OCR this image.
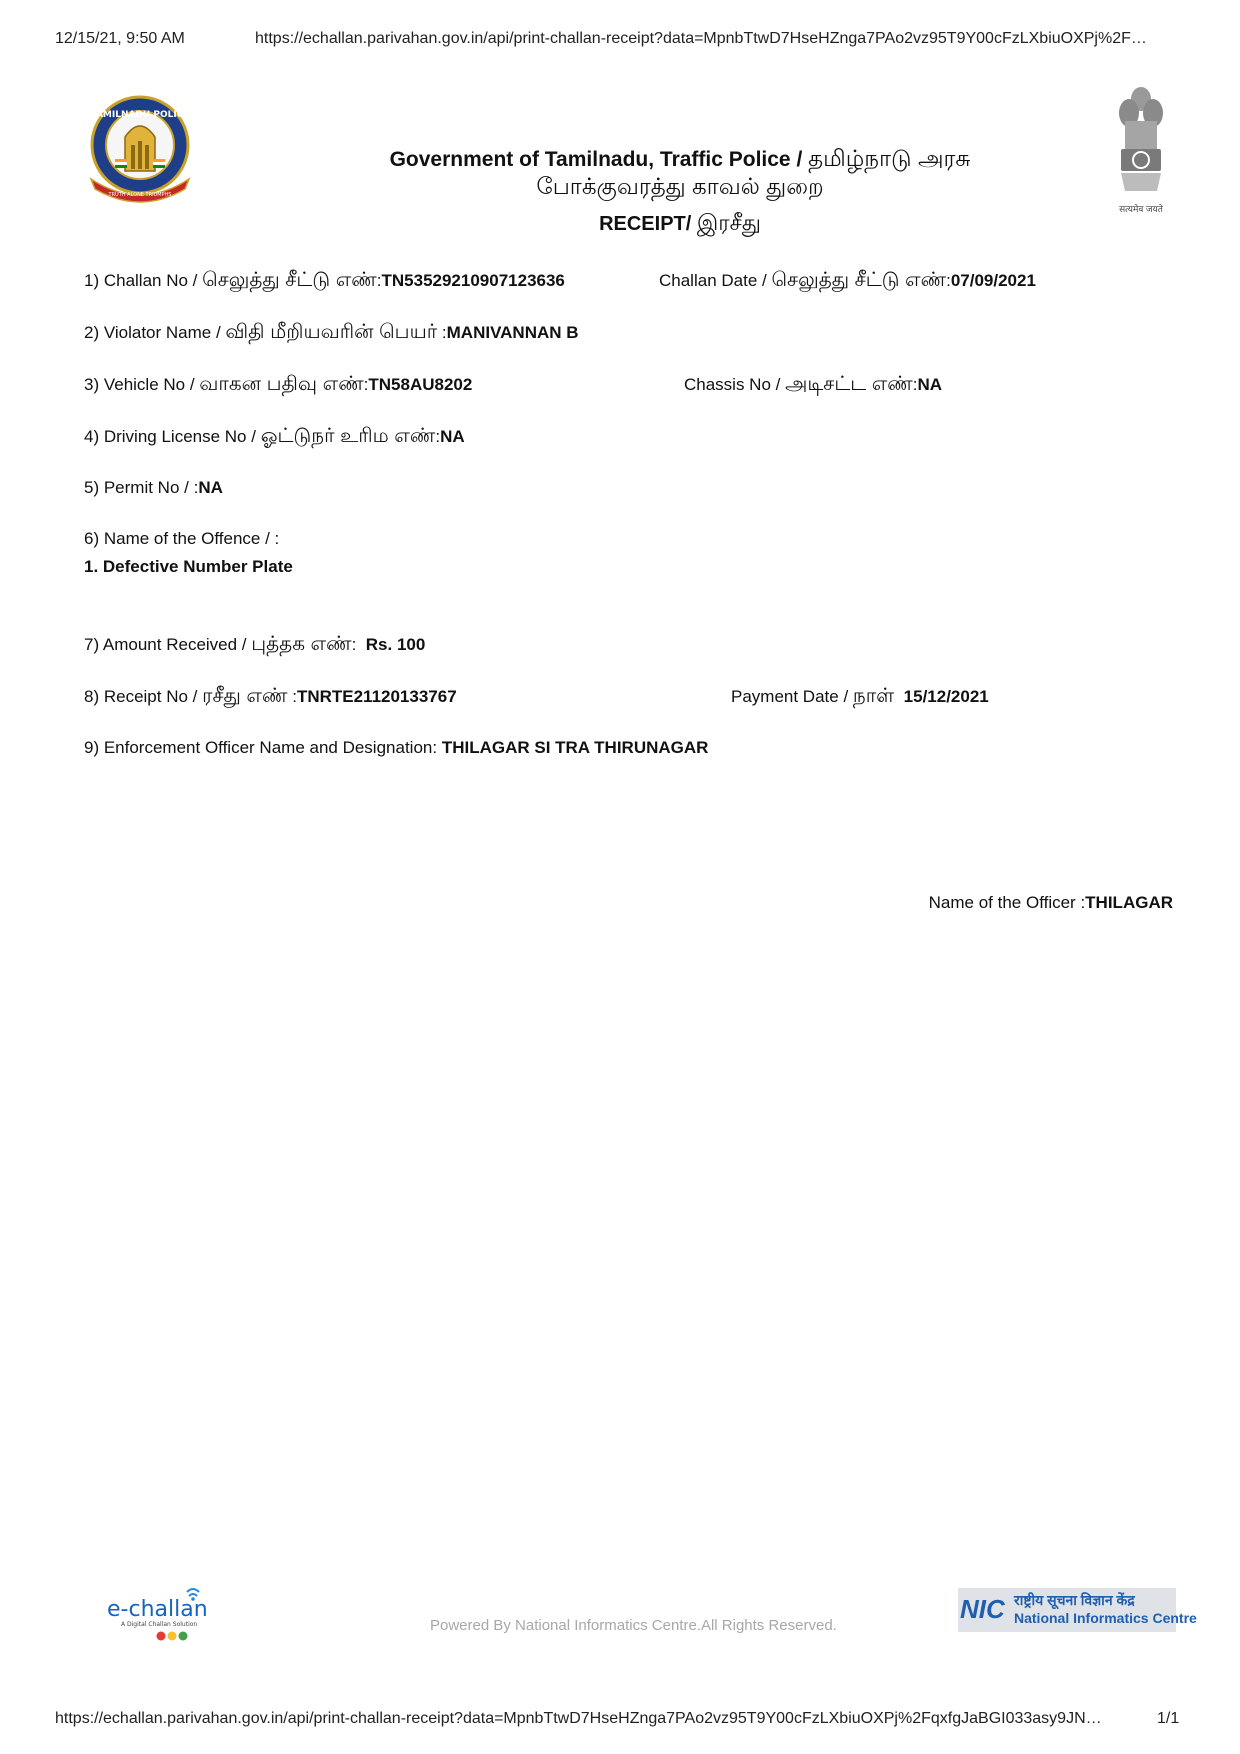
12/15/21, 9:50 AM	https://echallan.parivahan.gov.in/api/print-challan-receipt?data=MpnbTtwD7HseHZnga7PAo2vz95T9Y00cFzLXbiuOXPj%2F…
TAMILNADU POLICE
TRUTH ALONE TRIUMPHS
सत्यमेव जयते
Government of Tamilnadu, Traffic Police / தமிழ்நாடு அரசு
போக்குவரத்து காவல் துறை
RECEIPT/ இரசீது
1) Challan No / செலுத்து சீட்டு எண்:TN53529210907123636	Challan Date / செலுத்து சீட்டு எண்:07/09/2021
2) Violator Name / விதி மீறியவரின் பெயர் :MANIVANNAN B
3) Vehicle No / வாகன பதிவு எண்:TN58AU8202	Chassis No / அடிசட்ட எண்:NA
4) Driving License No / ஓட்டுநர் உரிம எண்:NA
5) Permit No / :NA
6) Name of the Offence / :
1. Defective Number Plate
7) Amount Received / புத்தக எண்:  Rs. 100
8) Receipt No / ரசீது எண் :TNRTE21120133767	Payment Date / நாள் 15/12/2021
9) Enforcement Officer Name and Designation: THILAGAR SI TRA THIRUNAGAR
Name of the Officer :THILAGAR
e-challan
A Digital Challan Solution	Powered By National Informatics Centre.All Rights Reserved.
NIC राष्ट्रीय सूचना विज्ञान केंद्र
National Informatics Centre
https://echallan.parivahan.gov.in/api/print-challan-receipt?data=MpnbTtwD7HseHZnga7PAo2vz95T9Y00cFzLXbiuOXPj%2FqxfgJaBGI033asy9JN…	1/1
